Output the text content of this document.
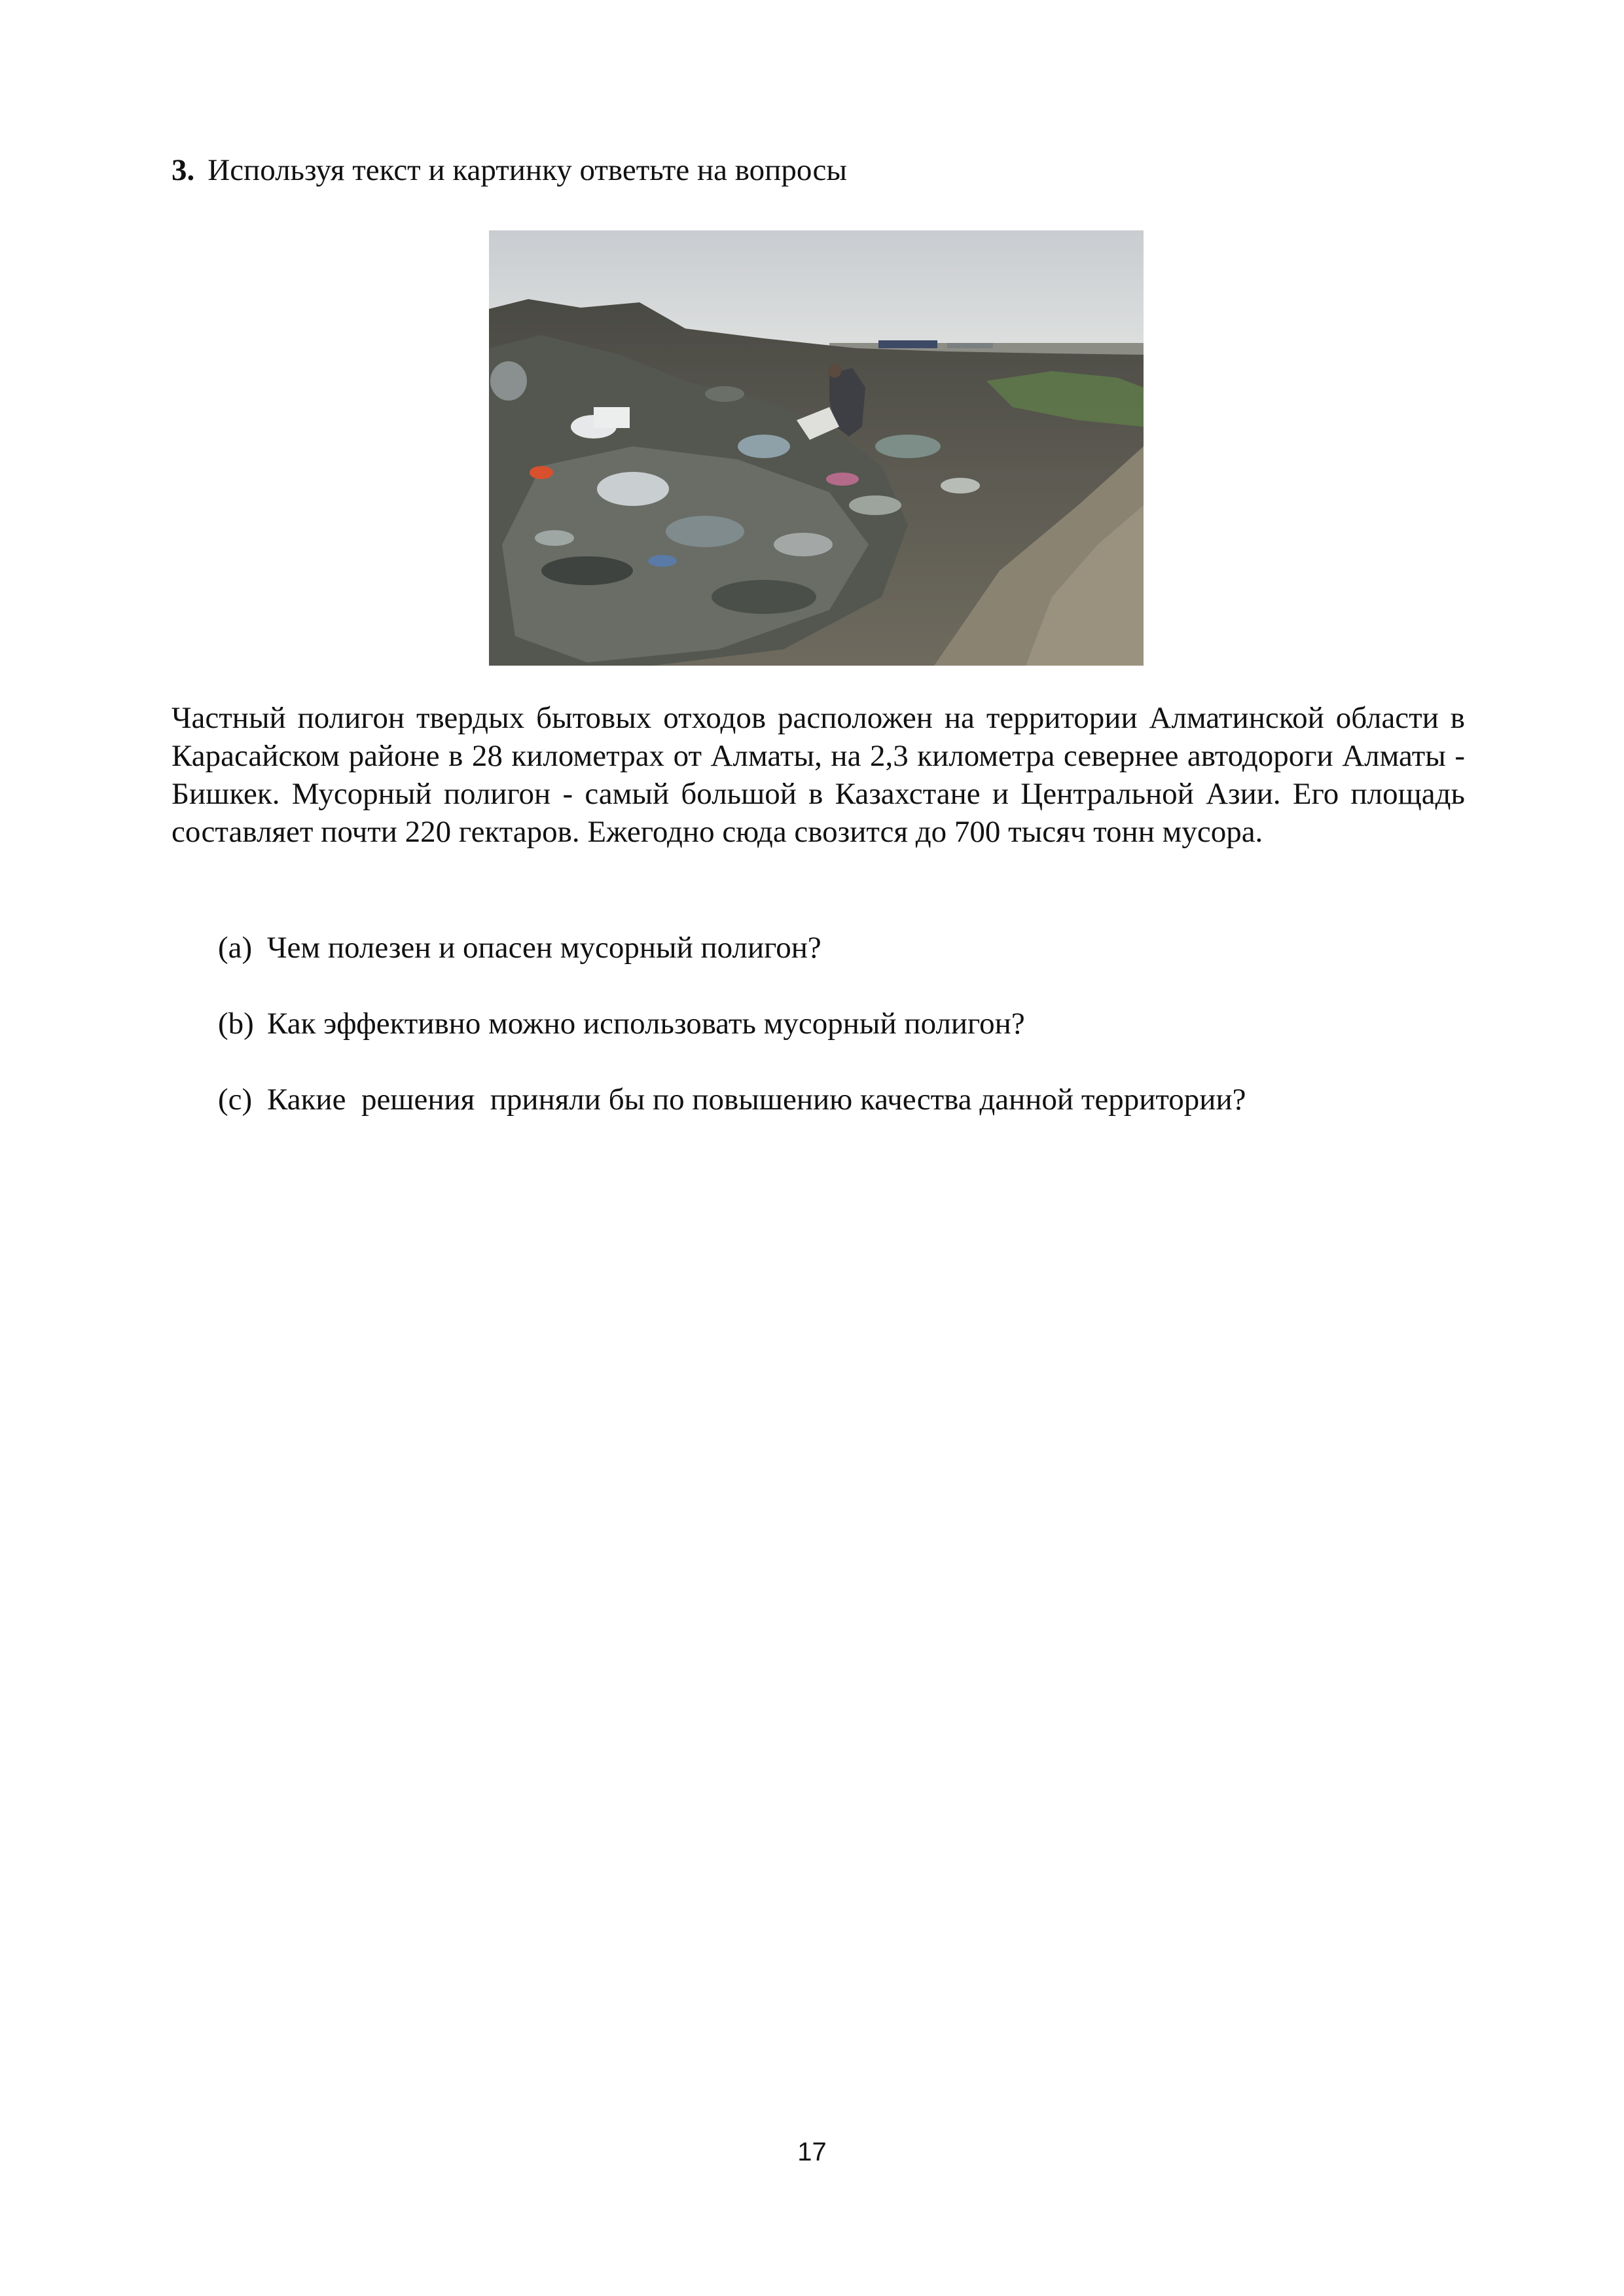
3. Используя текст и картинку ответьте на вопросы

Частный полигон твердых бытовых отходов расположен на территории Алматинской области в Карасайском районе в 28 километрах от Алматы, на 2,3 километра севернее автодороги Алматы - Бишкек. Мусорный полигон - самый большой в Казахстане и Центральной Азии. Его площадь составляет почти 220 гектаров. Ежегодно сюда свозится до 700 тысяч тонн мусора.

(a) Чем полезен и опасен мусорный полигон?
(b) Как эффективно можно использовать мусорный полигон?
(c) Какие  решения  приняли бы по повышению качества данной территории?
17
